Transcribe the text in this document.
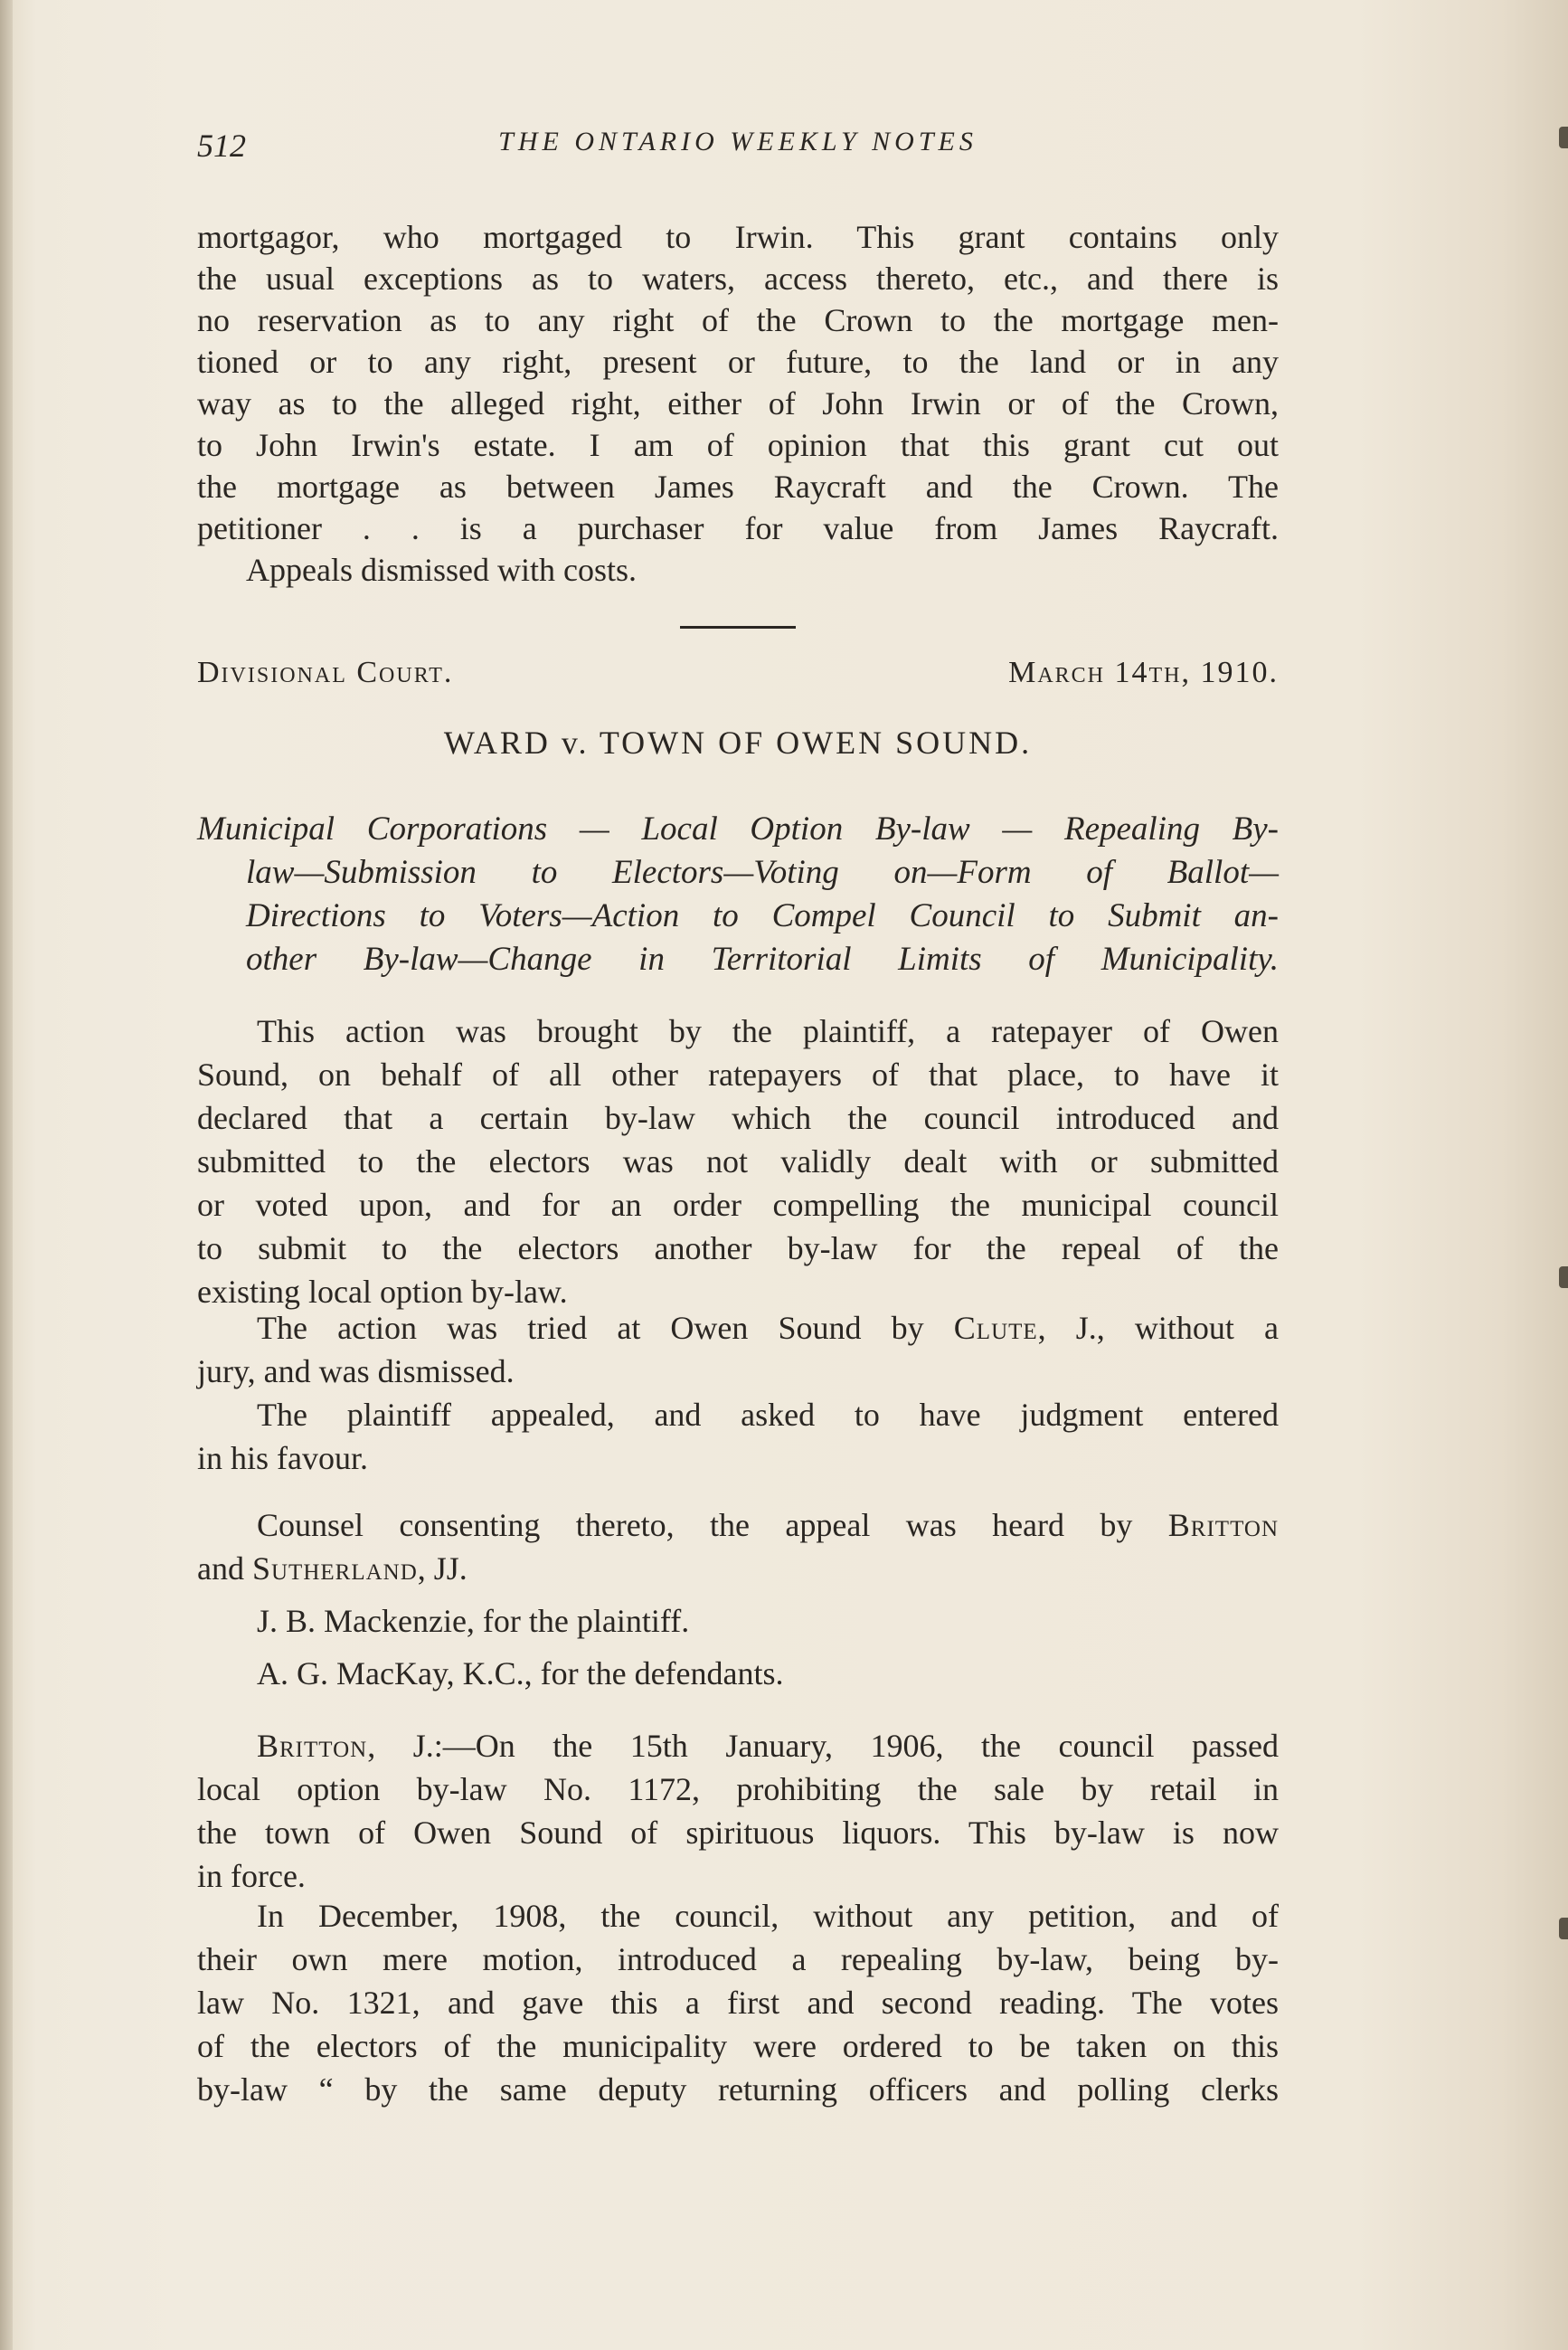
512	THE ONTARIO WEEKLY NOTES
mortgagor, who mortgaged to Irwin. This grant contains only
the usual exceptions as to waters, access thereto, etc., and there is
no reservation as to any right of the Crown to the mortgage men-
tioned or to any right, present or future, to the land or in any
way as to the alleged right, either of John Irwin or of the Crown,
to John Irwin's estate. I am of opinion that this grant cut out
the mortgage as between James Raycraft and the Crown. The
petitioner . . is a purchaser for value from James Raycraft.
Appeals dismissed with costs.
Divisional Court.	March 14th, 1910.
WARD v. TOWN OF OWEN SOUND.
Municipal Corporations — Local Option By-law — Repealing By-
law—Submission to Electors—Voting on—Form of Ballot—
Directions to Voters—Action to Compel Council to Submit an-
other By-law—Change in Territorial Limits of Municipality.
This action was brought by the plaintiff, a ratepayer of Owen
Sound, on behalf of all other ratepayers of that place, to have it
declared that a certain by-law which the council introduced and
submitted to the electors was not validly dealt with or submitted
or voted upon, and for an order compelling the municipal council
to submit to the electors another by-law for the repeal of the
existing local option by-law.
The action was tried at Owen Sound by Clute, J., without a
jury, and was dismissed.
The plaintiff appealed, and asked to have judgment entered
in his favour.
Counsel consenting thereto, the appeal was heard by Britton
and Sutherland, JJ.
J. B. Mackenzie, for the plaintiff.
A. G. MacKay, K.C., for the defendants.
Britton, J.:—On the 15th January, 1906, the council passed
local option by-law No. 1172, prohibiting the sale by retail in
the town of Owen Sound of spirituous liquors. This by-law is now
in force.
In December, 1908, the council, without any petition, and of
their own mere motion, introduced a repealing by-law, being by-
law No. 1321, and gave this a first and second reading. The votes
of the electors of the municipality were ordered to be taken on this
by-law “ by the same deputy returning officers and polling clerks
